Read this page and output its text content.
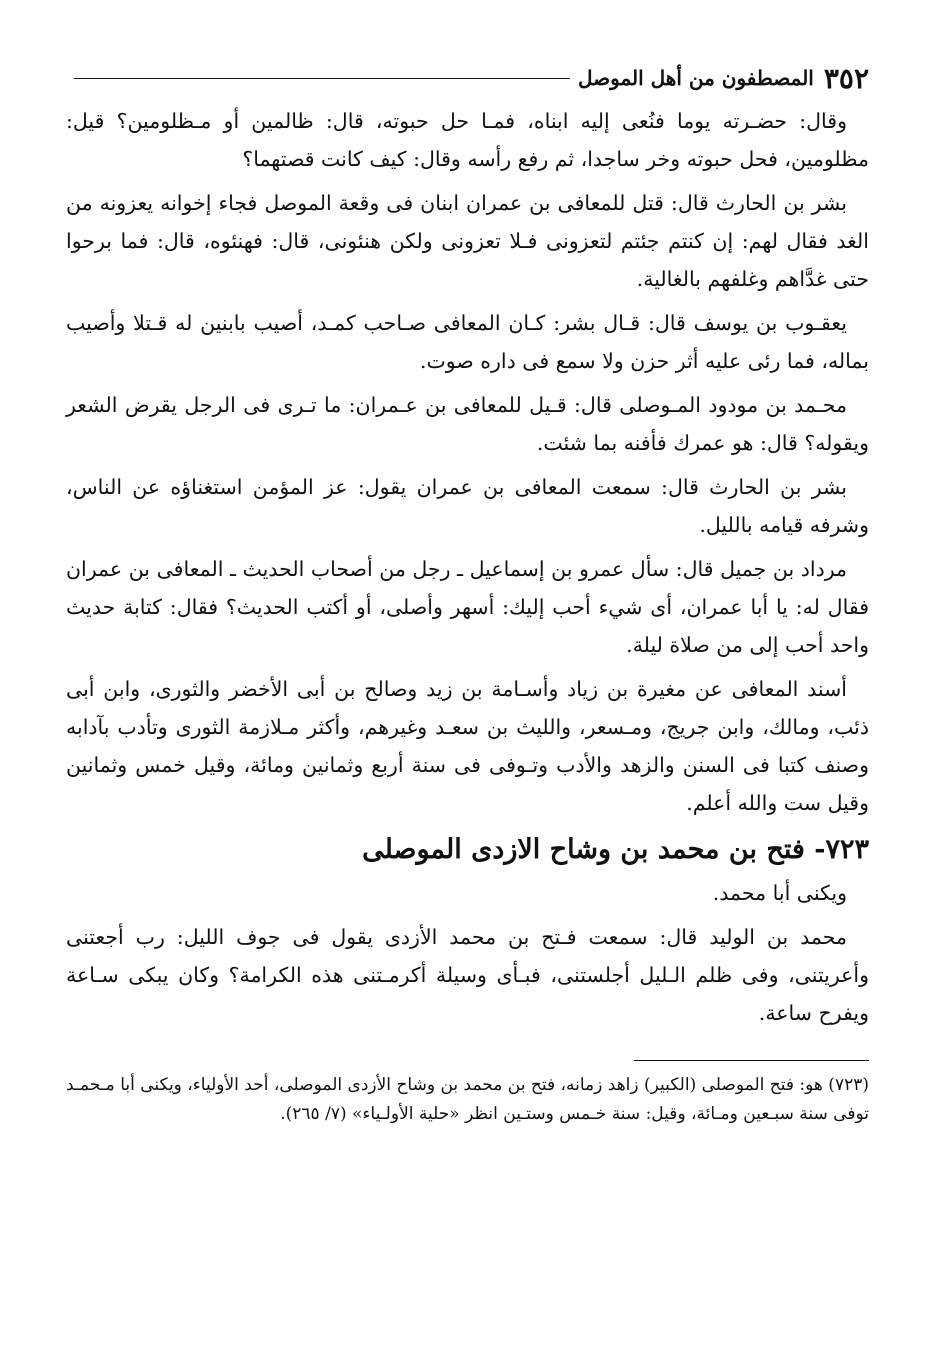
٣٥٢
المصطفون من أهل الموصل

وقال: حضـرته يوما فنُعى إليه ابناه، فمـا حل حبوته، قال: ظالمين أو مـظلومين؟ قيل: مظلومين، فحل حبوته وخر ساجدا، ثم رفع رأسه وقال: كيف كانت قصتهما؟

بشر بن الحارث قال: قتل للمعافى بن عمران ابنان فى وقعة الموصل فجاء إخوانه يعزونه من الغد فقال لهم: إن كنتم جئتم لتعزونى فـلا تعزونى ولكن هنئونى، قال: فهنئوه، قال: فما برحوا حتى غدَّاهم وغلفهم بالغالية.

يعقـوب بن يوسف قال: قـال بشر: كـان المعافى صـاحب كمـد، أصيب بابنين له قـتلا وأصيب بماله، فما رئى عليه أثر حزن ولا سمع فى داره صوت.

محـمد بن مودود المـوصلى قال: قـيل للمعافى بن عـمران: ما تـرى فى الرجل يقرض الشعر ويقوله؟ قال: هو عمرك فأفنه بما شئت.

بشر بن الحارث قال: سمعت المعافى بن عمران يقول: عز المؤمن استغناؤه عن الناس، وشرفه قيامه بالليل.

مرداد بن جميل قال: سأل عمرو بن إسماعيل ـ رجل من أصحاب الحديث ـ المعافى بن عمران فقال له: يا أبا عمران، أى شيء أحب إليك: أسهر وأصلى، أو أكتب الحديث؟ فقال: كتابة حديث واحد أحب إلى من صلاة ليلة.

أسند المعافى عن مغيرة بن زياد وأسـامة بن زيد وصالح بن أبى الأخضر والثورى، وابن أبى ذئب، ومالك، وابن جريج، ومـسعر، والليث بن سعـد وغيرهم، وأكثر مـلازمة الثورى وتأدب بآدابه وصنف كتبا فى السنن والزهد والأدب وتـوفى فى سنة أربع وثمانين ومائة، وقيل خمس وثمانين وقيل ست والله أعلم.

٧٢٣- فتح بن محمد بن وشاح الازدى الموصلى

ويكنى أبا محمد.

محمد بن الوليد قال: سمعت فـتح بن محمد الأزدى يقول فى جوف الليل: رب أجعتنى وأعريتنى، وفى ظلم الـليل أجلستنى، فبـأى وسيلة أكرمـتنى هذه الكرامة؟ وكان يبكى سـاعة ويفرح ساعة.

(٧٢٣) هو: فتح الموصلى (الكبير) زاهد زمانه، فتح بن محمد بن وشاح الأزدى الموصلى، أحد الأولياء، ويكنى أبا مـحمـد توفى سنة سبـعين ومـائة، وقيل: سنة خـمس وستـين انظر «حلية الأولـياء» (٧/ ٢٦٥).
